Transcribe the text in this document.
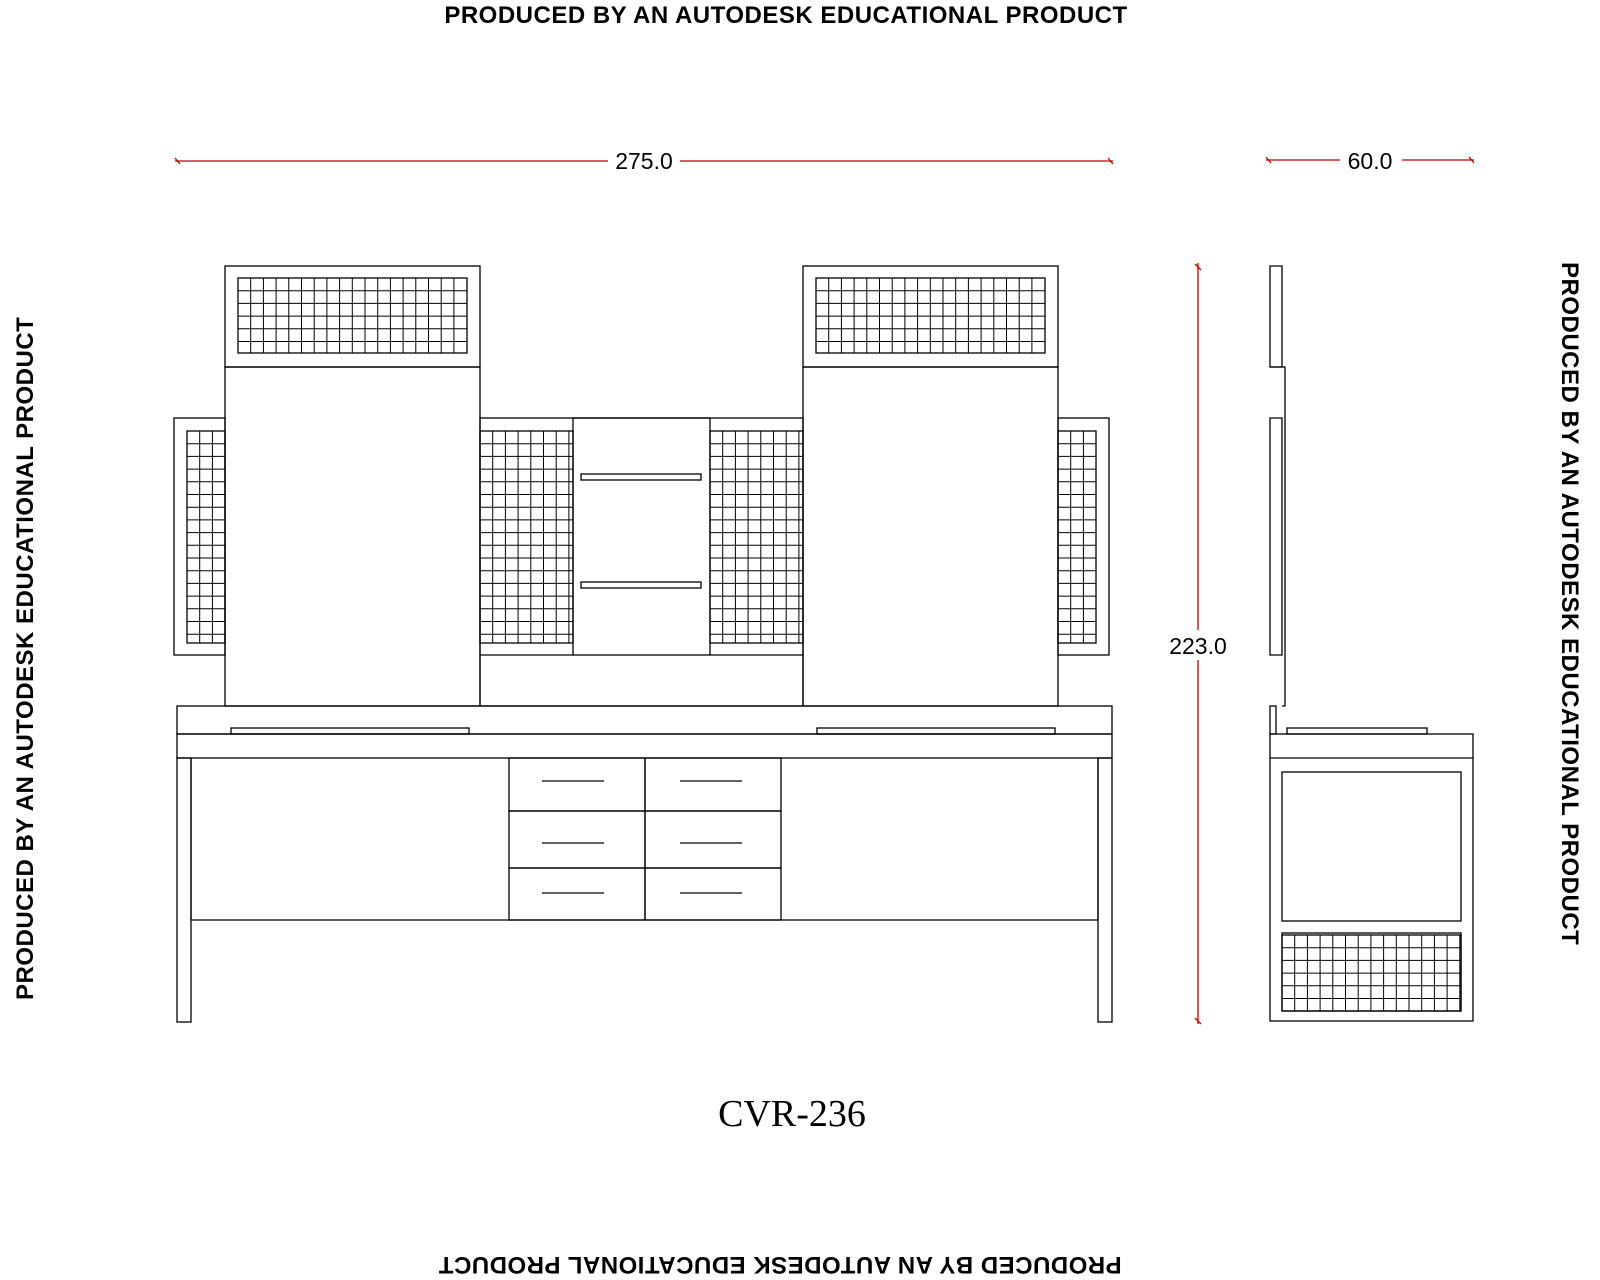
PRODUCED BY AN AUTODESK EDUCATIONAL PRODUCT
PRODUCED BY AN AUTODESK EDUCATIONAL PRODUCT
PRODUCED BY AN AUTODESK EDUCATIONAL PRODUCT	PRODUCED BY AN AUTODESK EDUCATIONAL PRODUCT
275.0	60.0
223.0
CVR-236
